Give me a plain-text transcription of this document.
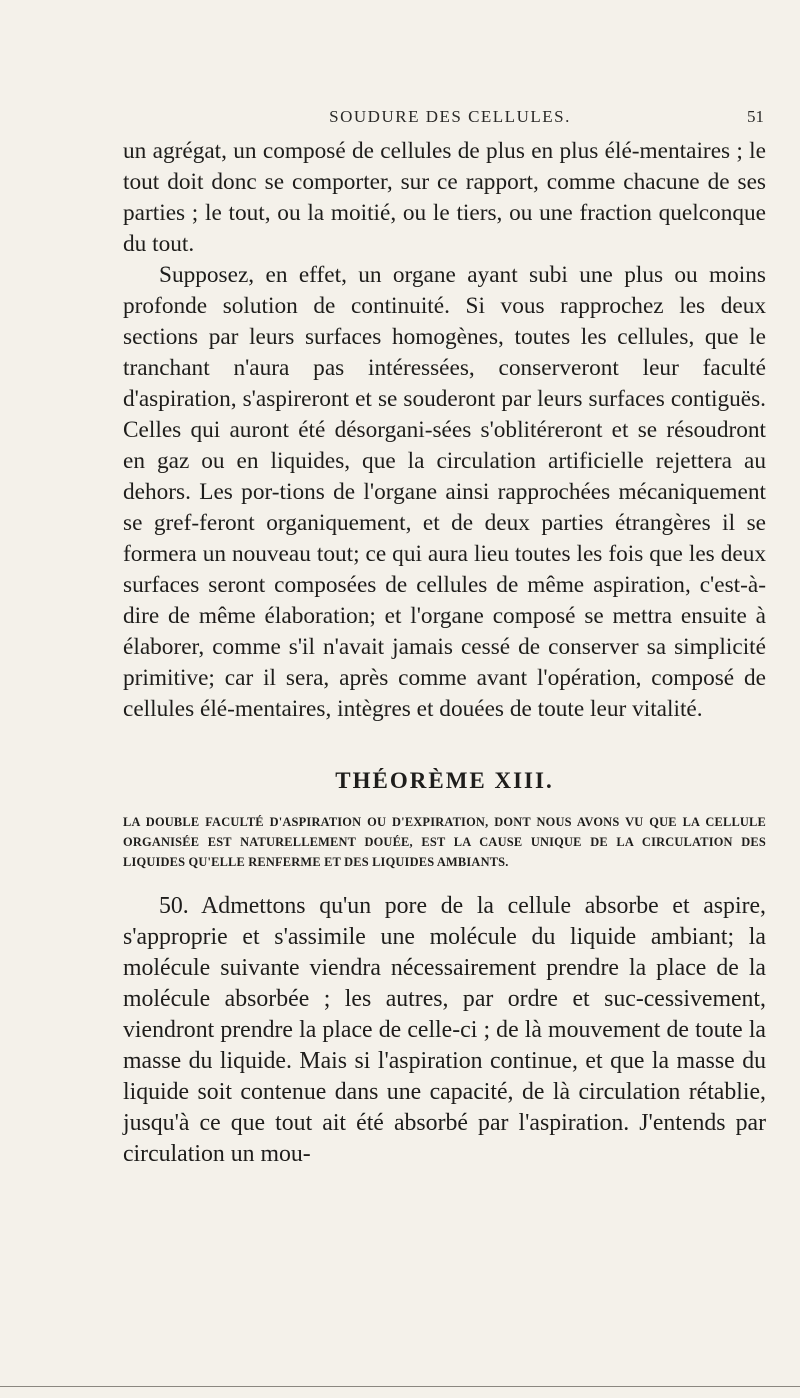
SOUDURE DES CELLULES.	51

un agrégat, un composé de cellules de plus en plus élé-mentaires ; le tout doit donc se comporter, sur ce rapport, comme chacune de ses parties ; le tout, ou la moitié, ou le tiers, ou une fraction quelconque du tout.

Supposez, en effet, un organe ayant subi une plus ou moins profonde solution de continuité. Si vous rapprochez les deux sections par leurs surfaces homogènes, toutes les cellules, que le tranchant n'aura pas intéressées, conserveront leur faculté d'aspiration, s'aspireront et se souderont par leurs surfaces contiguës. Celles qui auront été désorgani-sées s'oblitéreront et se résoudront en gaz ou en liquides, que la circulation artificielle rejettera au dehors. Les por-tions de l'organe ainsi rapprochées mécaniquement se gref-feront organiquement, et de deux parties étrangères il se formera un nouveau tout; ce qui aura lieu toutes les fois que les deux surfaces seront composées de cellules de même aspiration, c'est-à-dire de même élaboration; et l'organe composé se mettra ensuite à élaborer, comme s'il n'avait jamais cessé de conserver sa simplicité primitive; car il sera, après comme avant l'opération, composé de cellules élé-mentaires, intègres et douées de toute leur vitalité.

THÉORÈME XIII.
LA DOUBLE FACULTÉ D'ASPIRATION OU D'EXPIRATION, DONT NOUS AVONS VU QUE LA CELLULE ORGANISÉE EST NATURELLEMENT DOUÉE, EST LA CAUSE UNIQUE DE LA CIRCULATION DES LIQUIDES QU'ELLE RENFERME ET DES LIQUIDES AMBIANTS.

50. Admettons qu'un pore de la cellule absorbe et aspire, s'approprie et s'assimile une molécule du liquide ambiant; la molécule suivante viendra nécessairement prendre la place de la molécule absorbée ; les autres, par ordre et suc-cessivement, viendront prendre la place de celle-ci ; de là mouvement de toute la masse du liquide. Mais si l'aspiration continue, et que la masse du liquide soit contenue dans une capacité, de là circulation rétablie, jusqu'à ce que tout ait été absorbé par l'aspiration. J'entends par circulation un mou-
